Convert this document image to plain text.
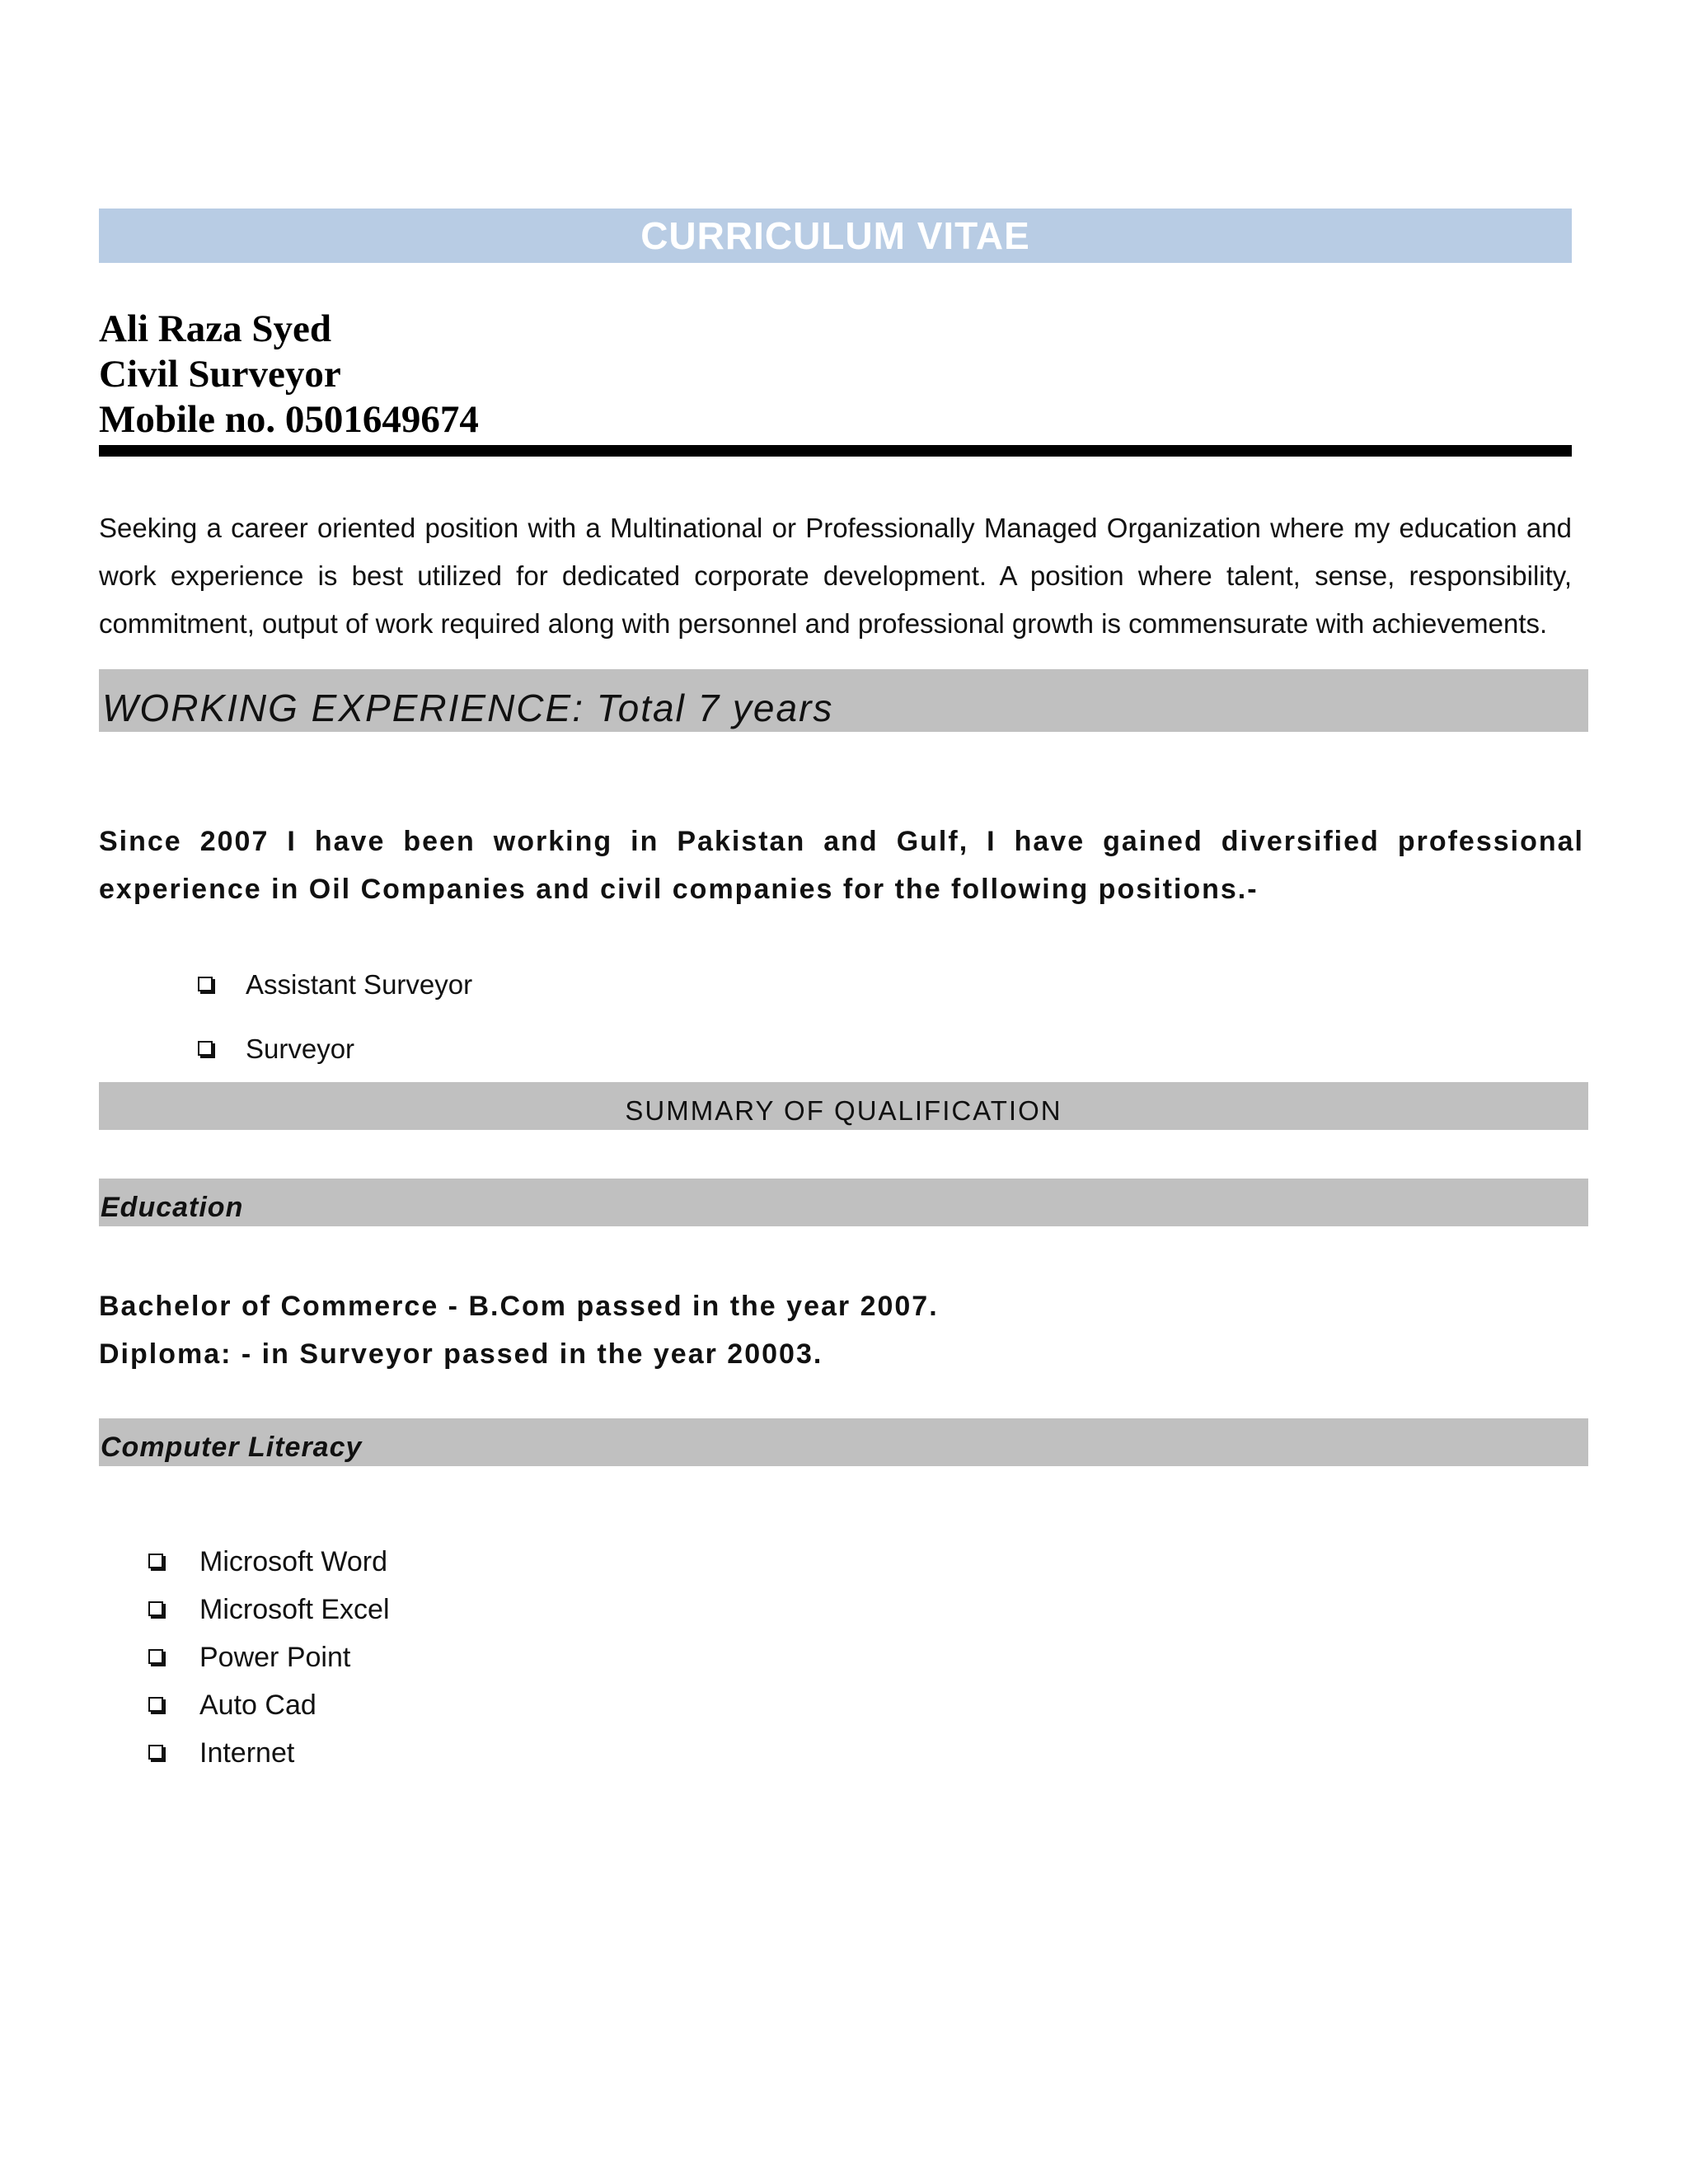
CURRICULUM VITAE
Ali Raza Syed
Civil Surveyor
Mobile no. 0501649674
Seeking a career oriented position with a Multinational or Professionally Managed Organization where my education and work experience is best utilized for dedicated corporate development. A position where talent, sense, responsibility, commitment, output of work required along with personnel and professional growth is commensurate with achievements.
WORKING EXPERIENCE: Total 7 years
Since 2007 I have been working in Pakistan and Gulf, I have gained diversified professional experience in Oil Companies and civil companies for the following positions.-
Assistant Surveyor
Surveyor
SUMMARY OF QUALIFICATION
Education
Bachelor of Commerce - B.Com passed in the year 2007.
Diploma: - in Surveyor passed in the year 20003.
Computer Literacy
Microsoft Word
Microsoft Excel
Power Point
Auto Cad
Internet
